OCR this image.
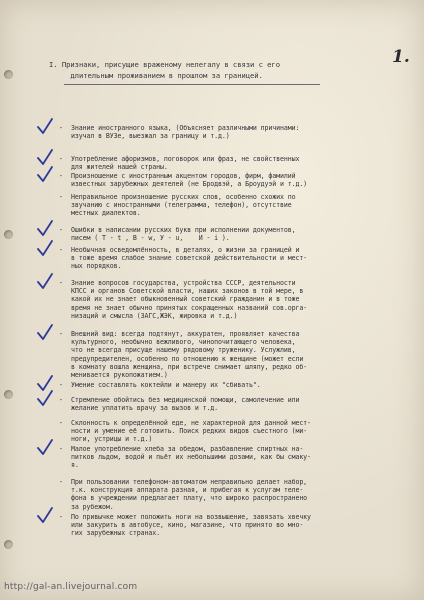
1.
I. Признаки, присущие враженому нелегалу в связи с его
длительным проживанием в прошлом за границей.
- Знание иностранного языка, (Объясняет различными причинами:
изучал в ВУЗе, выезжал за границу и т.д.)
- Употребление афоризмов, поговорок или фраз, не свойственных
для жителей нашей страны.
- Произношение с иностранным акцентом городов, фирм, фамилий
известных зарубежных деятелей (не Бродвэй, а Броудуэй и т.д.)
- Неправильное произношение русских слов, особенно схожих по
звучанию с иностранными (телеграмма, телефон), отсутствие
местных диалектов.
- Ошибки в написании русских букв при исполнении документов,
писем ( Т - t , В - w, У - u,    И - i ).
- Необычная осведомлённость, в деталях, о жизни за границей и
в тоже время слабое знание советской действительности и мест-
ных порядков.
- Знание вопросов государства, устройства СССР, деятельности
КПСС и органов Советской власти, наших законов в той мере, в
какой их не знает обыкновенный советский гражданин и в тоже
время не знает обычно принятых сокращенных названий сов.орга-
низаций и смысла (ЗАГС,ЖЭК, жировка и т.д.)
- Внешний вид: всегда подтянут, аккуратен, проявляет качества
культурного, необычно вежливого, чинопочитающего человека,
что не всегда присуще нашему рядовому труженику. Услужлив,
предупредителен, особенно по отношению к женщине (может если
в комнату вошла женщина, при встрече снимает шляпу, редко об-
менивается рукопожатием.)
- Умение составлять коктейли и манеру их "сбивать".
- Стремление обойтись без медицинской помощи, самолечение или
желание уплатить врачу за вызов и т.д.
- Склонность к определённой еде, не характерной для данной мест-
ности и умение её готовить. Поиск редких видов съестного (ми-
ноги, устрицы и т.д.)
- Малое употребление хлеба за обедом, разбавление спиртных на-
питков льдом, водой и пьёт их небольшими дозами, как бы смаку-
я.
- При пользовании телефоном-автоматом неправильно делает набор,
т.к. конструкция аппарата разная, и прибегая к услугам теле-
фона в учреждении предлагает плату, что широко распространено
за рубежом.
- По привычке может положить ноги на возвышение, завязать хвечку
или закурить в автобусе, кино, магазине, что принято во мно-
гих зарубежных странах.
http://gal-an.livejournal.com
